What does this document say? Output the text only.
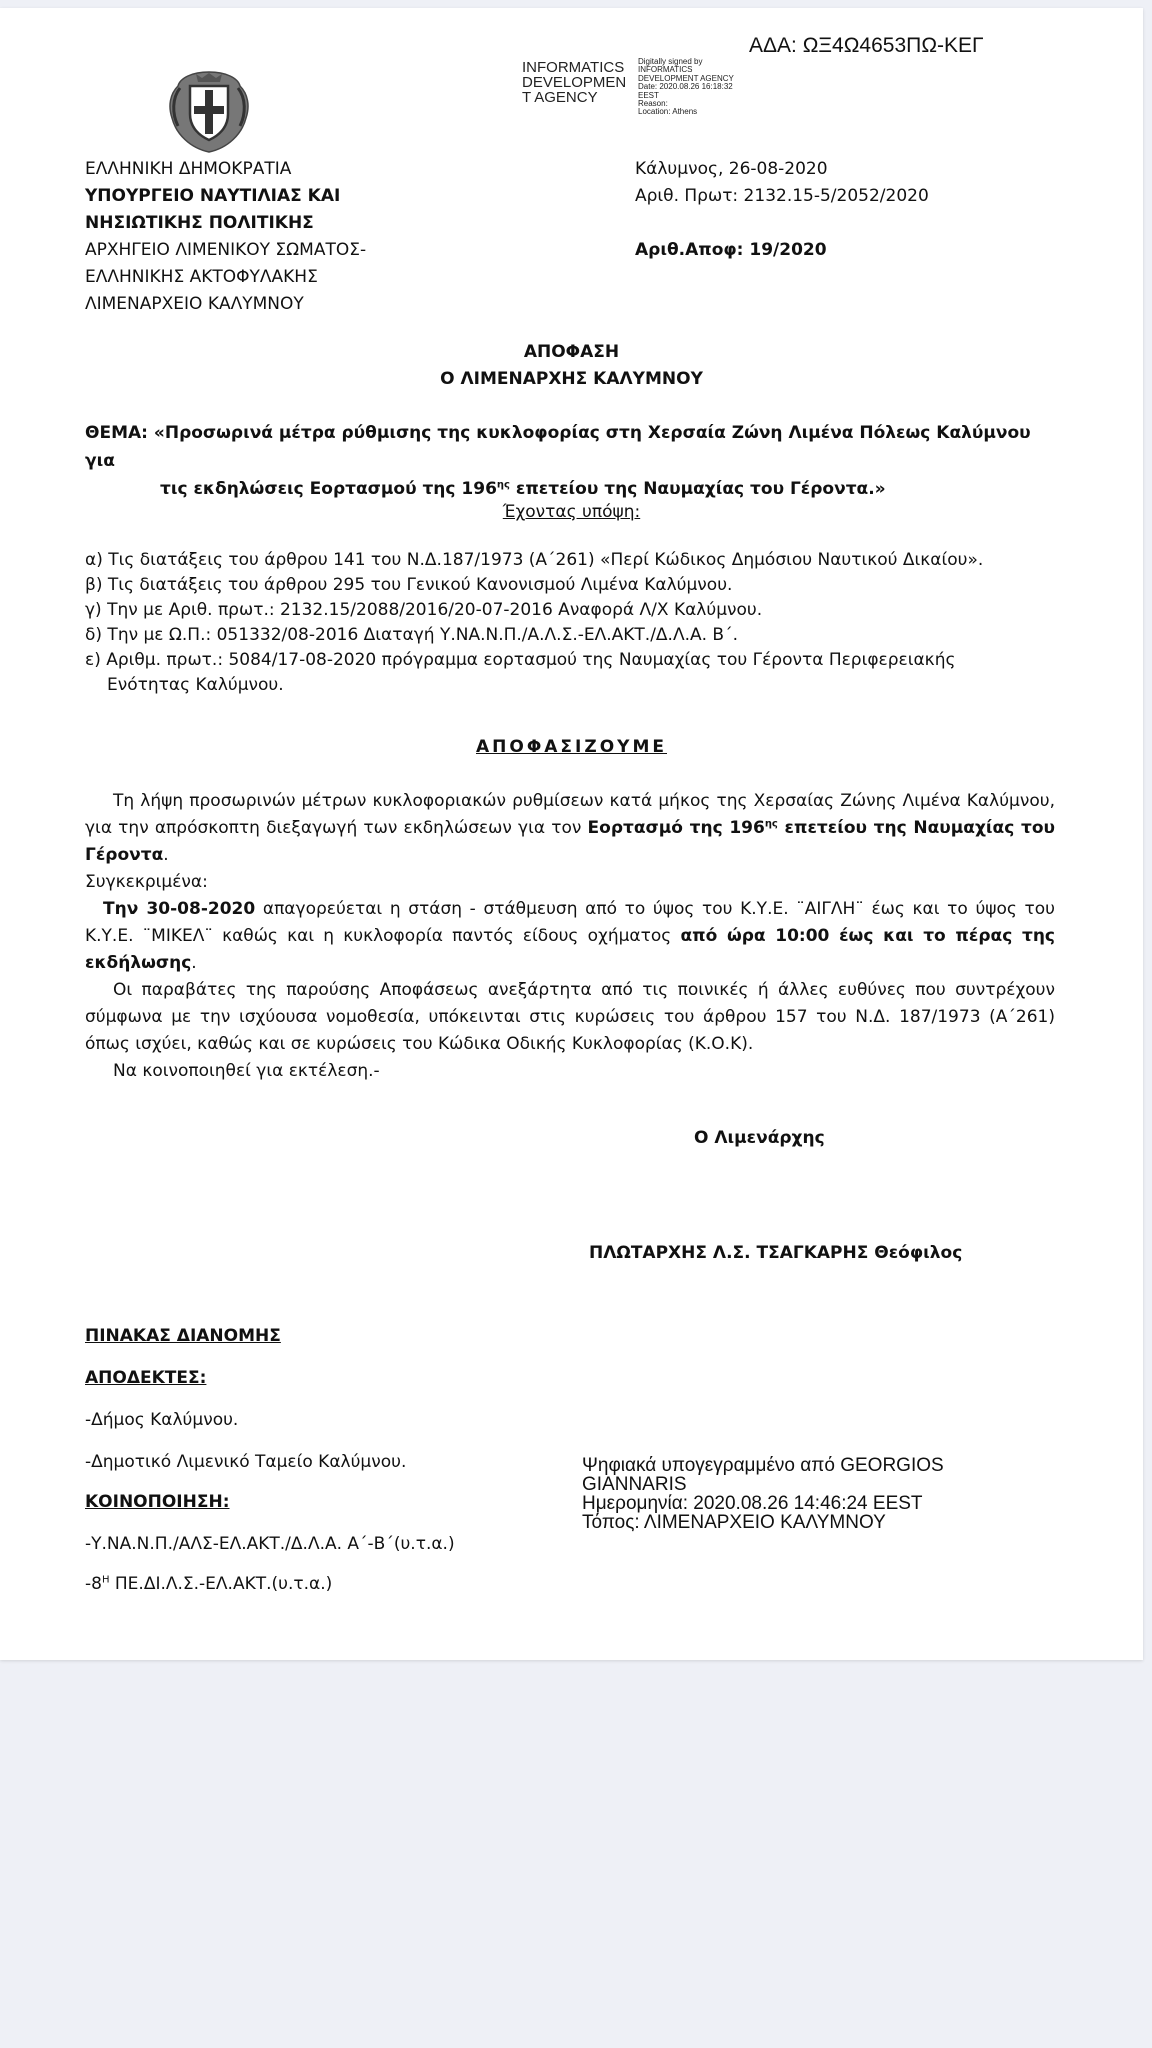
ΑΔΑ: ΩΞ4Ω4653ΠΩ-ΚΕΓ
INFORMATICS
DEVELOPMEN
T AGENCY
Digitally signed by
INFORMATICS
DEVELOPMENT AGENCY
Date: 2020.08.26 16:18:32
EEST
Reason:
Location: Athens
ΕΛΛΗΝΙΚΗ ΔΗΜΟΚΡΑΤΙΑ
ΥΠΟΥΡΓΕΙΟ ΝΑΥΤΙΛΙΑΣ ΚΑΙ
ΝΗΣΙΩΤΙΚΗΣ ΠΟΛΙΤΙΚΗΣ
ΑΡΧΗΓΕΙΟ ΛΙΜΕΝΙΚΟΥ ΣΩΜΑΤΟΣ-
ΕΛΛΗΝΙΚΗΣ ΑΚΤΟΦΥΛΑΚΗΣ
ΛΙΜΕΝΑΡΧΕΙΟ ΚΑΛΥΜΝΟΥ
Κάλυμνος, 26-08-2020
Αριθ. Πρωτ: 2132.15-5/2052/2020
Αριθ.Αποφ: 19/2020
ΑΠΟΦΑΣΗ
Ο ΛΙΜΕΝΑΡΧΗΣ ΚΑΛΥΜΝΟΥ
ΘΕΜΑ: «Προσωρινά μέτρα ρύθμισης της κυκλοφορίας στη Χερσαία Ζώνη Λιμένα Πόλεως Καλύμνου για
τις εκδηλώσεις Εορτασμού της $196^{\eta\varsigma}$ επετείου της Ναυμαχίας του Γέροντα.»
Έχοντας υπόψη:
α) Τις διατάξεις του άρθρου 141 του Ν.Δ.187/1973 (Α΄261) «Περί Κώδικος Δημόσιου Ναυτικού Δικαίου».
β) Τις διατάξεις του άρθρου 295 του Γενικού Κανονισμού Λιμένα Καλύμνου.
γ) Την με Αριθ. πρωτ.: 2132.15/2088/2016/20-07-2016 Αναφορά Λ/Χ Καλύμνου.
δ) Την με Ω.Π.: 051332/08-2016 Διαταγή Υ.ΝΑ.Ν.Π./Α.Λ.Σ.-ΕΛ.ΑΚΤ./Δ.Λ.Α. Β΄.
ε) Αριθμ. πρωτ.: 5084/17-08-2020 πρόγραμμα εορτασμού της Ναυμαχίας του Γέροντα Περιφερειακής
Ενότητας Καλύμνου.
ΑΠΟΦΑΣΙΖΟΥΜΕ
Τη λήψη προσωρινών μέτρων κυκλοφοριακών ρυθμίσεων κατά μήκος της Χερσαίας Ζώνης Λιμένα Καλύμνου, για την απρόσκοπτη διεξαγωγή των εκδηλώσεων για τον Εορτασμό της $196^{\eta\varsigma}$ επετείου της Ναυμαχίας του Γέροντα.
Συγκεκριμένα:
Την 30-08-2020 απαγορεύεται η στάση - στάθμευση από το ύψος του Κ.Υ.Ε. ¨ΑΙΓΛΗ¨ έως και το ύψος του Κ.Υ.Ε. ¨ΜΙΚΕΛ¨ καθώς και η κυκλοφορία παντός είδους οχήματος από ώρα 10:00 έως και το πέρας της εκδήλωσης.
Οι παραβάτες της παρούσης Αποφάσεως ανεξάρτητα από τις ποινικές ή άλλες ευθύνες που συντρέχουν σύμφωνα με την ισχύουσα νομοθεσία, υπόκεινται στις κυρώσεις του άρθρου 157 του Ν.Δ. 187/1973 (Α΄261) όπως ισχύει, καθώς και σε κυρώσεις του Κώδικα Οδικής Κυκλοφορίας (Κ.Ο.Κ).
Να κοινοποιηθεί για εκτέλεση.-
Ο Λιμενάρχης
ΠΛΩΤΑΡΧΗΣ Λ.Σ. ΤΣΑΓΚΑΡΗΣ Θεόφιλος
ΠΙΝΑΚΑΣ ΔΙΑΝΟΜΗΣ
ΑΠΟΔΕΚΤΕΣ:
-Δήμος Καλύμνου.
-Δημοτικό Λιμενικό Ταμείο Καλύμνου.
ΚΟΙΝΟΠΟΙΗΣΗ:
-Υ.ΝΑ.Ν.Π./ΑΛΣ-ΕΛ.ΑΚΤ./Δ.Λ.Α. Α΄-Β΄(υ.τ.α.)
$-8^H$ ΠΕ.ΔΙ.Λ.Σ.-ΕΛ.ΑΚΤ.(υ.τ.α.)
Ψηφιακά υπογεγραμμένο από GEORGIOS
GIANNARIS
Ημερομηνία: 2020.08.26 14:46:24 EEST
Τόπος: ΛΙΜΕΝΑΡΧΕΙΟ ΚΑΛΥΜΝΟΥ
